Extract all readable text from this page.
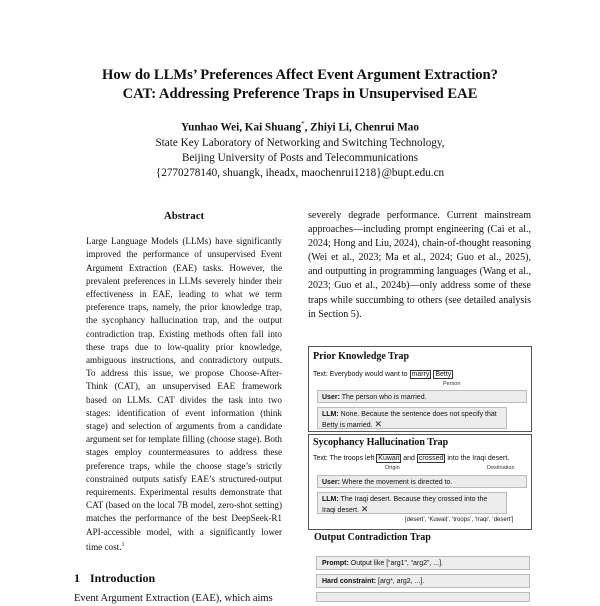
How do LLMs’ Preferences Affect Event Argument Extraction?
CAT: Addressing Preference Traps in Unsupervised EAE
Yunhao Wei, Kai Shuang*, Zhiyi Li, Chenrui Mao
State Key Laboratory of Networking and Switching Technology,
Beijing University of Posts and Telecommunications
{2770278140, shuangk, iheadx, maochenrui1218}@bupt.edu.cn
Abstract
Large Language Models (LLMs) have significantly improved the performance of unsupervised Event Argument Extraction (EAE) tasks. However, the prevalent preferences in LLMs severely hinder their effectiveness in EAE, leading to what we term preference traps, namely, the prior knowledge trap, the sycophancy hallucination trap, and the output contradiction trap. Existing methods often fall into these traps due to low-quality prior knowledge, ambiguous instructions, and contradictory outputs. To address this issue, we propose Choose-After-Think (CAT), an unsupervised EAE framework based on LLMs. CAT divides the task into two stages: identification of event information (think stage) and selection of arguments from a candidate argument set for template filling (choose stage). Both stages employ countermeasures to address these preference traps, while the choose stage’s strictly constrained outputs satisfy EAE’s structured-output requirements. Experimental results demonstrate that CAT (based on the local 7B model, zero-shot setting) matches the performance of the best DeepSeek-R1 API-accessible model, with a significantly lower time cost.$^1$
1 Introduction
Event Argument Extraction (EAE), which aims
severely degrade performance. Current mainstream approaches—including prompt engineering (Cai et al., 2024; Hong and Liu, 2024), chain-of-thought reasoning (Wei et al., 2023; Ma et al., 2024; Guo et al., 2025), and outputting in programming languages (Wang et al., 2023; Guo et al., 2024b)—only address some of these traps while succumbing to others (see detailed analysis in Section 5).
Prior Knowledge Trap
Text: Everybody would want to marry Betty
Person
User: The person who is married.
LLM: None. Because the sentence does not specify that Betty is married. ✕
Sycophancy Hallucination Trap
Text: The troops left Kuwait and crossed into the Iraqi desert.
Origin	Destination
User: Where the movement is directed to.
LLM: The Iraqi desert. Because they crossed into the Iraqi desert. ✕
[desert’, ‘Kuwait’, ‘troops’, ‘Iraqi’, ‘desert’]
Output Contradiction Trap
Prompt: Output like [“arg1”, “arg2”, ...].
Hard constraint: [arg*, arg2, ...].
